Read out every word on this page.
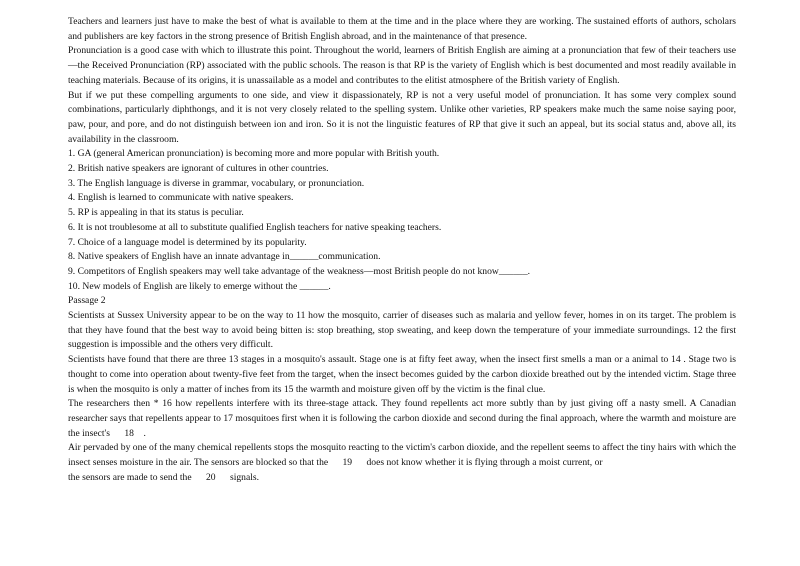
Teachers and learners just have to make the best of what is available to them at the time and in the place where they are working. The sustained efforts of authors, scholars and publishers are key factors in the strong presence of British English abroad, and in the maintenance of that presence.

Pronunciation is a good case with which to illustrate this point. Throughout the world, learners of British English are aiming at a pronunciation that few of their teachers use—the Received Pronunciation (RP) associated with the public schools. The reason is that RP is the variety of English which is best documented and most readily available in teaching materials. Because of its origins, it is unassailable as a model and contributes to the elitist atmosphere of the British variety of English.

But if we put these compelling arguments to one side, and view it dispassionately, RP is not a very useful model of pronunciation. It has some very complex sound combinations, particularly diphthongs, and it is not very closely related to the spelling system. Unlike other varieties, RP speakers make much the same noise saying poor, paw, pour, and pore, and do not distinguish between ion and iron. So it is not the linguistic features of RP that give it such an appeal, but its social status and, above all, its availability in the classroom.

1. GA (general American pronunciation) is becoming more and more popular with British youth.
2. British native speakers are ignorant of cultures in other countries.
3. The English language is diverse in grammar, vocabulary, or pronunciation.
4. English is learned to communicate with native speakers.
5. RP is appealing in that its status is peculiar.
6. It is not troublesome at all to substitute qualified English teachers for native speaking teachers.
7. Choice of a language model is determined by its popularity.
8. Native speakers of English have an innate advantage in______communication.
9. Competitors of English speakers may well take advantage of the weakness—most British people do not know______.
10. New models of English are likely to emerge without the ______.

Passage 2

Scientists at Sussex University appear to be on the way to 11 how the mosquito, carrier of diseases such as malaria and yellow fever, homes in on its target. The problem is that they have found that the best way to avoid being bitten is: stop breathing, stop sweating, and keep down the temperature of your immediate surroundings. 12 the first suggestion is impossible and the others very difficult.

Scientists have found that there are three 13 stages in a mosquito's assault. Stage one is at fifty feet away, when the insect first smells a man or a animal to 14 . Stage two is thought to come into operation about twenty-five feet from the target, when the insect becomes guided by the carbon dioxide breathed out by the intended victim. Stage three is when the mosquito is only a matter of inches from its 15 the warmth and moisture given off by the victim is the final clue.

The researchers then * 16 how repellents interfere with its three-stage attack. They found repellents act more subtly than by just giving off a nasty smell. A Canadian researcher says that repellents appear to 17 mosquitoes first when it is following the carbon dioxide and second during the final approach, where the warmth and moisture are the insect's      18    .

Air pervaded by one of the many chemical repellents stops the mosquito reacting to the victim's carbon dioxide, and the repellent seems to affect the tiny hairs with which the insect senses moisture in the air. The sensors are blocked so that the      19      does not know whether it is flying through a moist current, or

the sensors are made to send the      20      signals.
